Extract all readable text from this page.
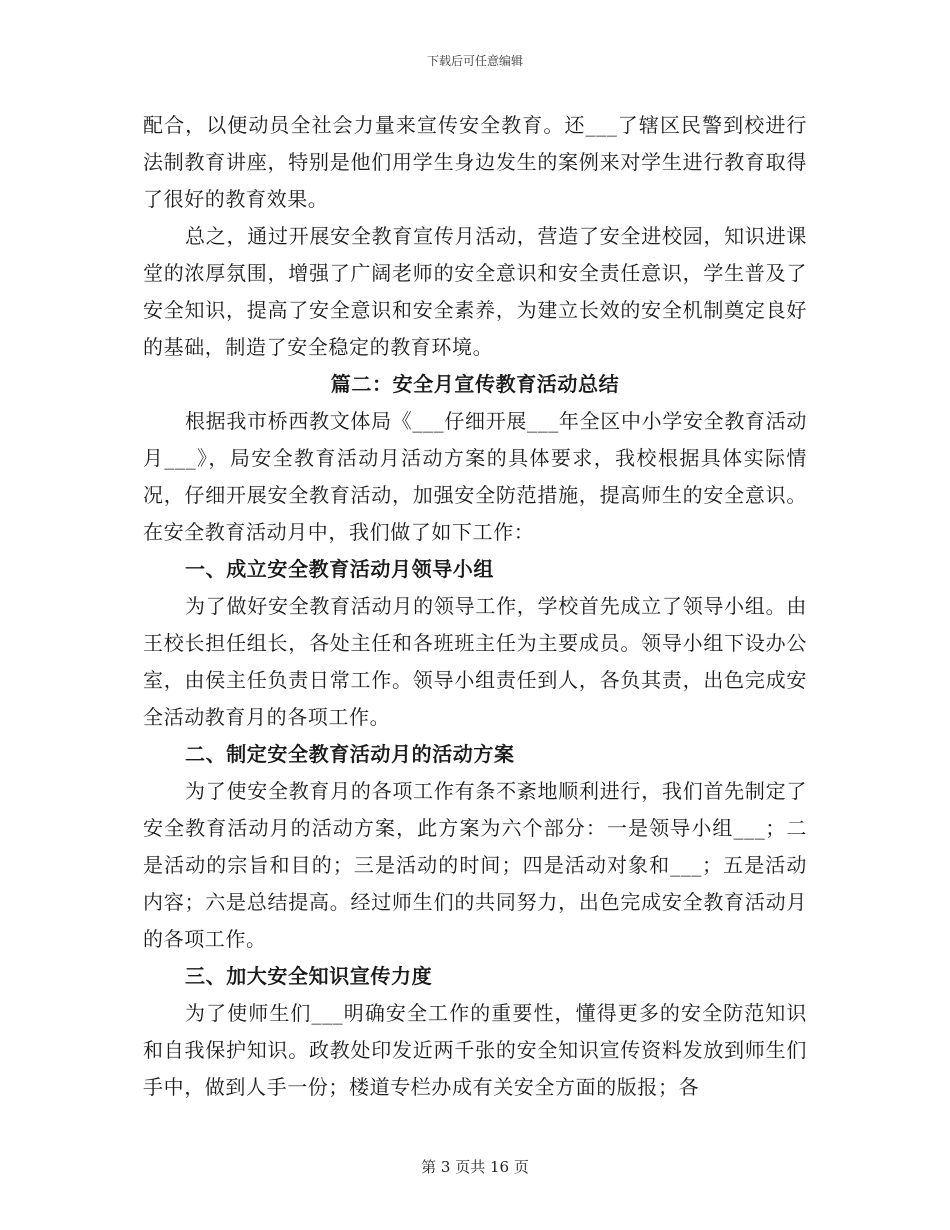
下载后可任意编辑

配合，以便动员全社会力量来宣传安全教育。还___了辖区民警到校进行法制教育讲座，特别是他们用学生身边发生的案例来对学生进行教育取得了很好的教育效果。

总之，通过开展安全教育宣传月活动，营造了安全进校园，知识进课堂的浓厚氛围，增强了广阔老师的安全意识和安全责任意识，学生普及了安全知识，提高了安全意识和安全素养，为建立长效的安全机制奠定良好的基础，制造了安全稳定的教育环境。

篇二：安全月宣传教育活动总结

根据我市桥西教文体局《___仔细开展___年全区中小学安全教育活动月___》，局安全教育活动月活动方案的具体要求，我校根据具体实际情况，仔细开展安全教育活动，加强安全防范措施，提高师生的安全意识。在安全教育活动月中，我们做了如下工作：

一、成立安全教育活动月领导小组

为了做好安全教育活动月的领导工作，学校首先成立了领导小组。由王校长担任组长，各处主任和各班班主任为主要成员。领导小组下设办公室，由侯主任负责日常工作。领导小组责任到人，各负其责，出色完成安全活动教育月的各项工作。

二、制定安全教育活动月的活动方案

为了使安全教育月的各项工作有条不紊地顺利进行，我们首先制定了安全教育活动月的活动方案，此方案为六个部分：一是领导小组___；二是活动的宗旨和目的；三是活动的时间；四是活动对象和___；五是活动内容；六是总结提高。经过师生们的共同努力，出色完成安全教育活动月的各项工作。

三、加大安全知识宣传力度

为了使师生们___明确安全工作的重要性，懂得更多的安全防范知识和自我保护知识。政教处印发近两千张的安全知识宣传资料发放到师生们手中，做到人手一份；楼道专栏办成有关安全方面的版报；各

第 3 页共 16 页
